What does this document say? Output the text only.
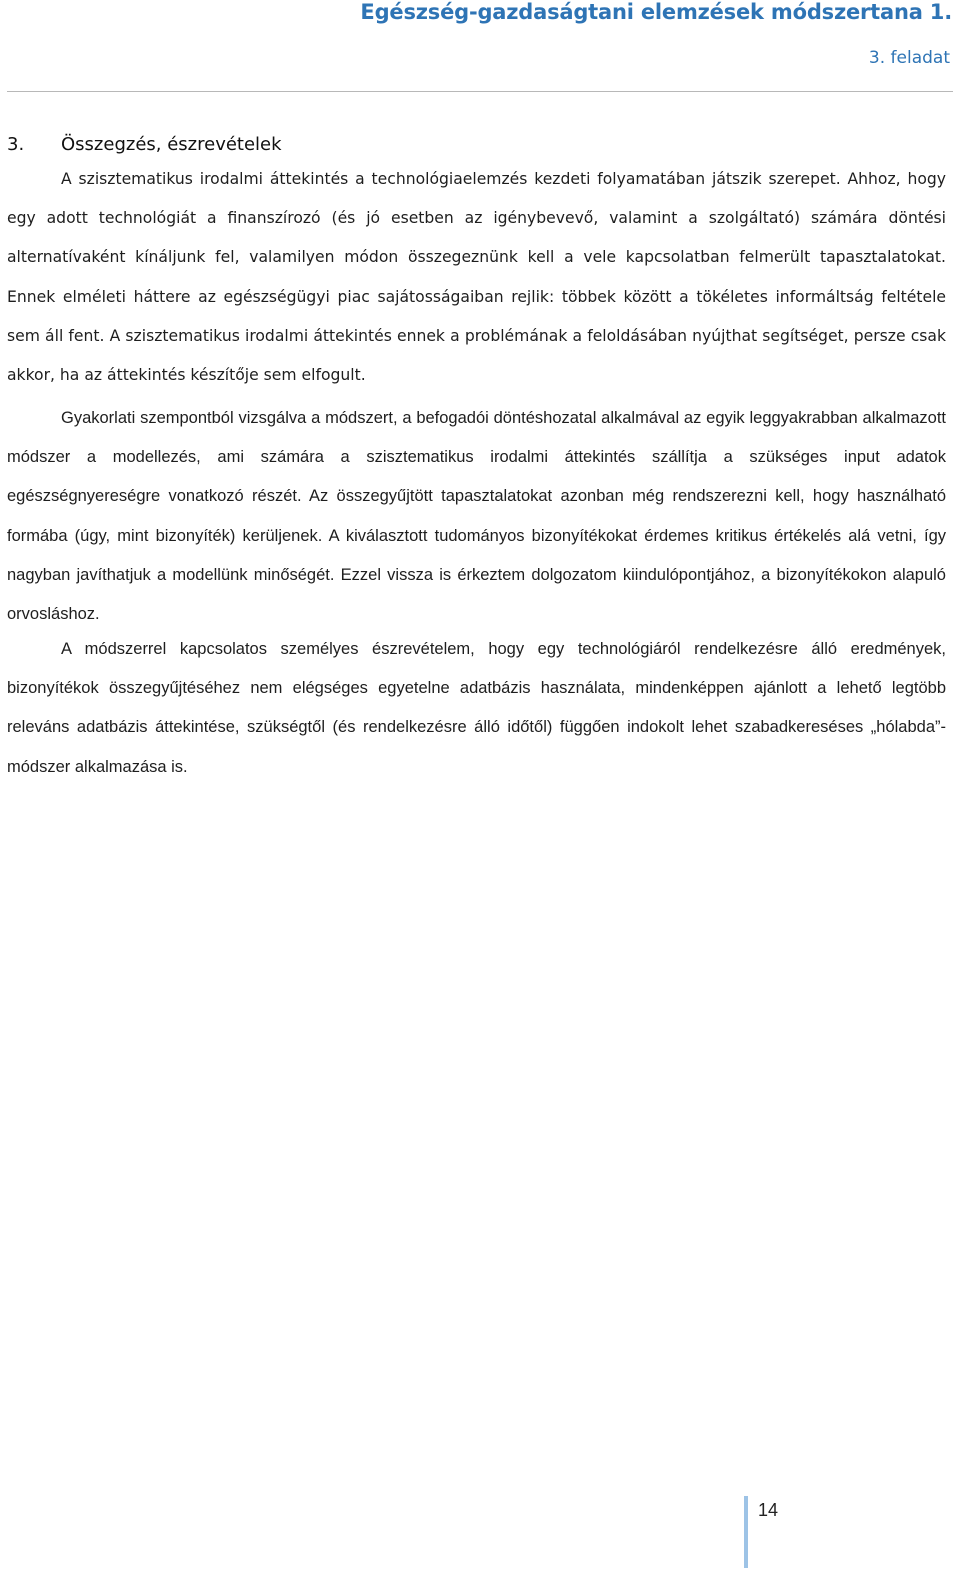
Egészség-gazdaságtani elemzések módszertana 1.
3. feladat
3. Összegzés, észrevételek

A szisztematikus irodalmi áttekintés a technológiaelemzés kezdeti folyamatában játszik szerepet. Ahhoz, hogy egy adott technológiát a finanszírozó (és jó esetben az igénybevevő, valamint a szolgáltató) számára döntési alternatívaként kínáljunk fel, valamilyen módon összegeznünk kell a vele kapcsolatban felmerült tapasztalatokat. Ennek elméleti háttere az egészségügyi piac sajátosságaiban rejlik: többek között a tökéletes informáltság feltétele sem áll fent. A szisztematikus irodalmi áttekintés ennek a problémának a feloldásában nyújthat segítséget, persze csak akkor, ha az áttekintés készítője sem elfogult.

Gyakorlati szempontból vizsgálva a módszert, a befogadói döntéshozatal alkalmával az egyik leggyakrabban alkalmazott módszer a modellezés, ami számára a szisztematikus irodalmi áttekintés szállítja a szükséges input adatok egészségnyereségre vonatkozó részét. Az összegyűjtött tapasztalatokat azonban még rendszerezni kell, hogy használható formába (úgy, mint bizonyíték) kerüljenek. A kiválasztott tudományos bizonyítékokat érdemes kritikus értékelés alá vetni, így nagyban javíthatjuk a modellünk minőségét. Ezzel vissza is érkeztem dolgozatom kiindulópontjához, a bizonyítékokon alapuló orvosláshoz.

A módszerrel kapcsolatos személyes észrevételem, hogy egy technológiáról rendelkezésre álló eredmények, bizonyítékok összegyűjtéséhez nem elégséges egyetelne adatbázis használata, mindenképpen ajánlott a lehető legtöbb releváns adatbázis áttekintése, szükségtől (és rendelkezésre álló időtől) függően indokolt lehet szabadkereséses „hólabda”-módszer alkalmazása is.

14
